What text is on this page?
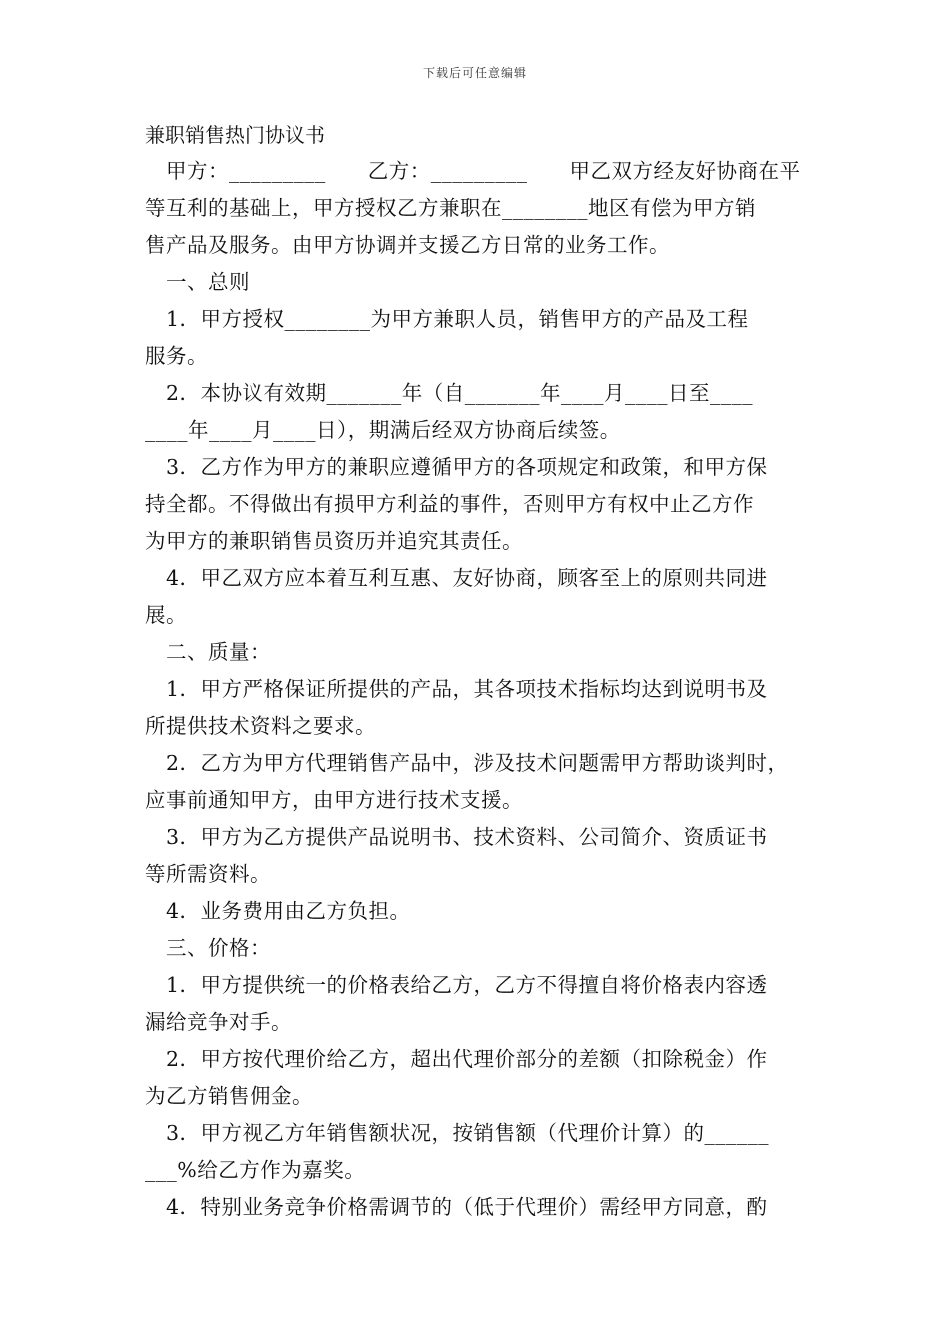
下载后可任意编辑
兼职销售热门协议书
　甲方：_________　　乙方：_________　　甲乙双方经友好协商在平
等互利的基础上，甲方授权乙方兼职在________地区有偿为甲方销
售产品及服务。由甲方协调并支援乙方日常的业务工作。
　一、总则
　1．甲方授权________为甲方兼职人员，销售甲方的产品及工程
服务。
　2．本协议有效期_______年（自_______年____月____日至____
____年____月____日），期满后经双方协商后续签。
　3．乙方作为甲方的兼职应遵循甲方的各项规定和政策，和甲方保
持全都。不得做出有损甲方利益的事件，否则甲方有权中止乙方作
为甲方的兼职销售员资历并追究其责任。
　4．甲乙双方应本着互利互惠、友好协商，顾客至上的原则共同进
展。
　二、质量：
　1．甲方严格保证所提供的产品，其各项技术指标均达到说明书及
所提供技术资料之要求。
　2．乙方为甲方代理销售产品中，涉及技术问题需甲方帮助谈判时，
应事前通知甲方，由甲方进行技术支援。
　3．甲方为乙方提供产品说明书、技术资料、公司简介、资质证书
等所需资料。
　4．业务费用由乙方负担。
　三、价格：
　1．甲方提供统一的价格表给乙方，乙方不得擅自将价格表内容透
漏给竞争对手。
　2．甲方按代理价给乙方，超出代理价部分的差额（扣除税金）作
为乙方销售佣金。
　3．甲方视乙方年销售额状况，按销售额（代理价计算）的______
___%给乙方作为嘉奖。
　4．特别业务竞争价格需调节的（低于代理价）需经甲方同意，酌
